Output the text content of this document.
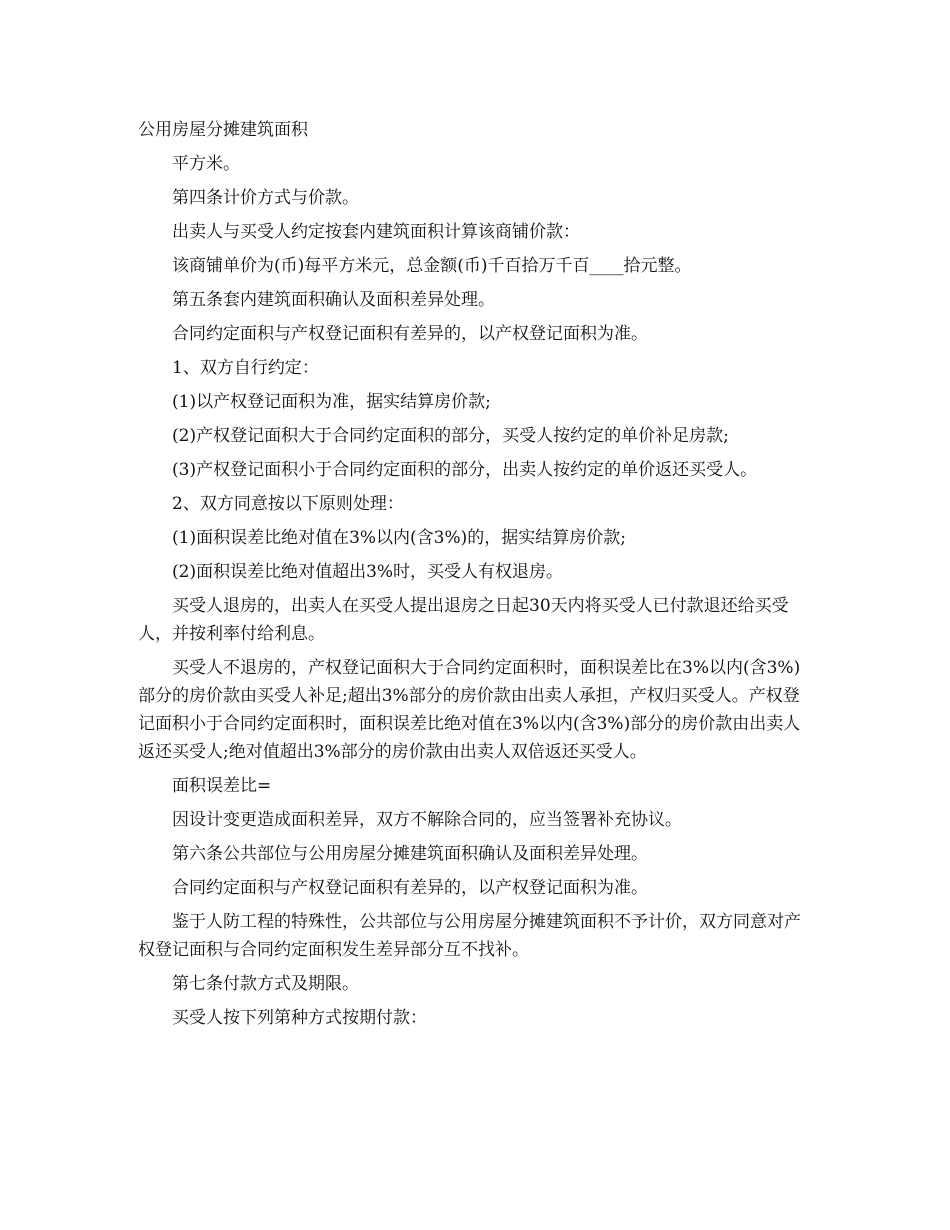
公用房屋分摊建筑面积

平方米。

第四条计价方式与价款。

出卖人与买受人约定按套内建筑面积计算该商铺价款：

该商铺单价为(币)每平方米元，总金额(币)千百拾万千百____拾元整。

第五条套内建筑面积确认及面积差异处理。

合同约定面积与产权登记面积有差异的，以产权登记面积为准。

1、双方自行约定：

(1)以产权登记面积为准，据实结算房价款;

(2)产权登记面积大于合同约定面积的部分，买受人按约定的单价补足房款;

(3)产权登记面积小于合同约定面积的部分，出卖人按约定的单价返还买受人。

2、双方同意按以下原则处理：

(1)面积误差比绝对值在3%以内(含3%)的，据实结算房价款;

(2)面积误差比绝对值超出3%时，买受人有权退房。

买受人退房的，出卖人在买受人提出退房之日起30天内将买受人已付款退还给买受人，并按利率付给利息。

买受人不退房的，产权登记面积大于合同约定面积时，面积误差比在3%以内(含3%)部分的房价款由买受人补足;超出3%部分的房价款由出卖人承担，产权归买受人。产权登记面积小于合同约定面积时，面积误差比绝对值在3%以内(含3%)部分的房价款由出卖人返还买受人;绝对值超出3%部分的房价款由出卖人双倍返还买受人。

面积误差比=

因设计变更造成面积差异，双方不解除合同的，应当签署补充协议。

第六条公共部位与公用房屋分摊建筑面积确认及面积差异处理。

合同约定面积与产权登记面积有差异的，以产权登记面积为准。

鉴于人防工程的特殊性，公共部位与公用房屋分摊建筑面积不予计价，双方同意对产权登记面积与合同约定面积发生差异部分互不找补。

第七条付款方式及期限。

买受人按下列第种方式按期付款：
